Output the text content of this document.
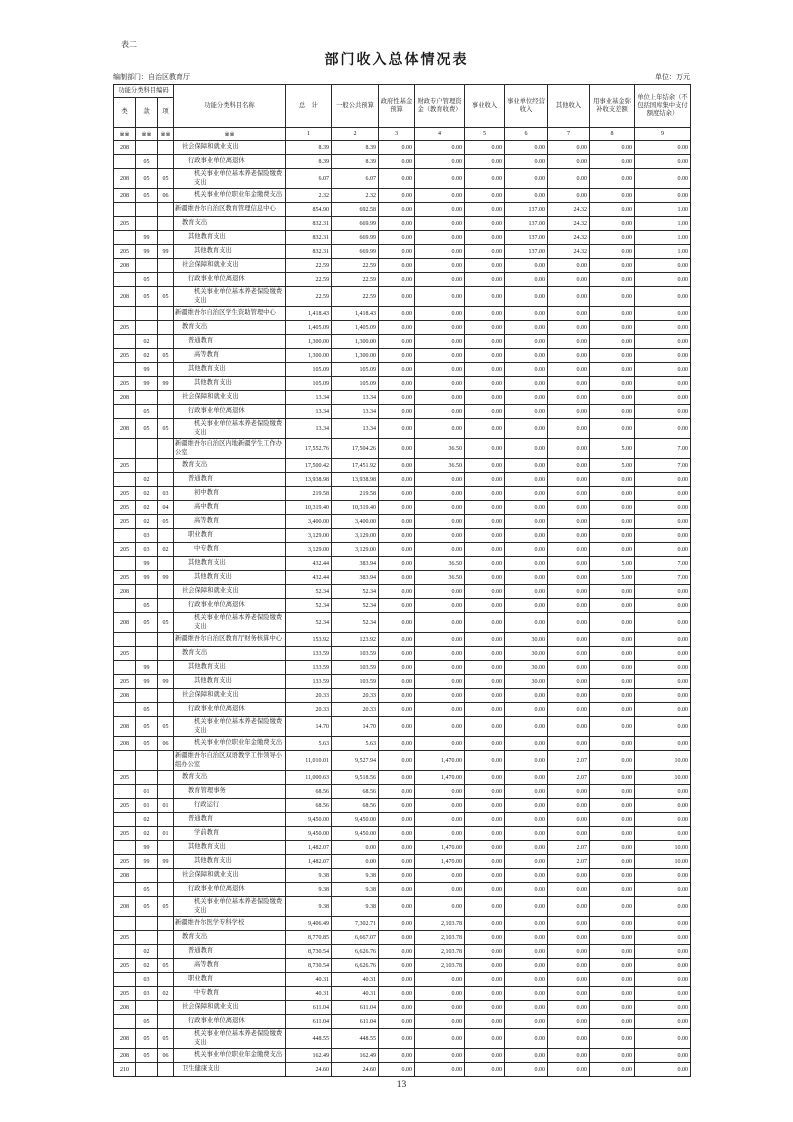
表二
部门收入总体情况表
编制部门：自治区教育厅	单位：万元
功能分类科目编码			功能分类科目名称	总　计	一般公共预算	政府性基金预算	财政专户管理资金（教育收费）	事业收入	事业单位经营收入	其他收入	用事业基金弥补收支差额	单位上年结余（不包括国库集中支付额度结余）
类	款	项										
※※	※※	※※	※※	1	2	3	4	5	6	7	8	9
208			社会保障和就业支出	8.39	8.39	0.00	0.00	0.00	0.00	0.00	0.00	0.00
	05		行政事业单位离退休	8.39	8.39	0.00	0.00	0.00	0.00	0.00	0.00	0.00
208	05	05	机关事业单位基本养老保险缴费支出	6.07	6.07	0.00	0.00	0.00	0.00	0.00	0.00	0.00
208	05	06	机关事业单位职业年金缴费支出	2.32	2.32	0.00	0.00	0.00	0.00	0.00	0.00	0.00
			新疆维吾尔自治区教育管理信息中心	854.90	692.58	0.00	0.00	0.00	137.00	24.32	0.00	1.00
205			教育支出	832.31	669.99	0.00	0.00	0.00	137.00	24.32	0.00	1.00
	99		其他教育支出	832.31	669.99	0.00	0.00	0.00	137.00	24.32	0.00	1.00
205	99	99	其他教育支出	832.31	669.99	0.00	0.00	0.00	137.00	24.32	0.00	1.00
208			社会保障和就业支出	22.59	22.59	0.00	0.00	0.00	0.00	0.00	0.00	0.00
	05		行政事业单位离退休	22.59	22.59	0.00	0.00	0.00	0.00	0.00	0.00	0.00
208	05	05	机关事业单位基本养老保险缴费支出	22.59	22.59	0.00	0.00	0.00	0.00	0.00	0.00	0.00
			新疆维吾尔自治区学生资助管理中心	1,418.43	1,418.43	0.00	0.00	0.00	0.00	0.00	0.00	0.00
205			教育支出	1,405.09	1,405.09	0.00	0.00	0.00	0.00	0.00	0.00	0.00
	02		普通教育	1,300.00	1,300.00	0.00	0.00	0.00	0.00	0.00	0.00	0.00
205	02	05	高等教育	1,300.00	1,300.00	0.00	0.00	0.00	0.00	0.00	0.00	0.00
	99		其他教育支出	105.09	105.09	0.00	0.00	0.00	0.00	0.00	0.00	0.00
205	99	99	其他教育支出	105.09	105.09	0.00	0.00	0.00	0.00	0.00	0.00	0.00
208			社会保障和就业支出	13.34	13.34	0.00	0.00	0.00	0.00	0.00	0.00	0.00
	05		行政事业单位离退休	13.34	13.34	0.00	0.00	0.00	0.00	0.00	0.00	0.00
208	05	05	机关事业单位基本养老保险缴费支出	13.34	13.34	0.00	0.00	0.00	0.00	0.00	0.00	0.00
			新疆维吾尔自治区内地新疆学生工作办公室	17,552.76	17,504.26	0.00	36.50	0.00	0.00	0.00	5.00	7.00
205			教育支出	17,500.42	17,451.92	0.00	36.50	0.00	0.00	0.00	5.00	7.00
	02		普通教育	13,938.98	13,938.98	0.00	0.00	0.00	0.00	0.00	0.00	0.00
205	02	03	初中教育	219.58	219.58	0.00	0.00	0.00	0.00	0.00	0.00	0.00
205	02	04	高中教育	10,319.40	10,319.40	0.00	0.00	0.00	0.00	0.00	0.00	0.00
205	02	05	高等教育	3,400.00	3,400.00	0.00	0.00	0.00	0.00	0.00	0.00	0.00
	03		职业教育	3,129.00	3,129.00	0.00	0.00	0.00	0.00	0.00	0.00	0.00
205	03	02	中专教育	3,129.00	3,129.00	0.00	0.00	0.00	0.00	0.00	0.00	0.00
	99		其他教育支出	432.44	383.94	0.00	36.50	0.00	0.00	0.00	5.00	7.00
205	99	99	其他教育支出	432.44	383.94	0.00	36.50	0.00	0.00	0.00	5.00	7.00
208			社会保障和就业支出	52.34	52.34	0.00	0.00	0.00	0.00	0.00	0.00	0.00
	05		行政事业单位离退休	52.34	52.34	0.00	0.00	0.00	0.00	0.00	0.00	0.00
208	05	05	机关事业单位基本养老保险缴费支出	52.34	52.34	0.00	0.00	0.00	0.00	0.00	0.00	0.00
			新疆维吾尔自治区教育厅财务核算中心	153.92	123.92	0.00	0.00	0.00	30.00	0.00	0.00	0.00
205			教育支出	133.59	103.59	0.00	0.00	0.00	30.00	0.00	0.00	0.00
	99		其他教育支出	133.59	103.59	0.00	0.00	0.00	30.00	0.00	0.00	0.00
205	99	99	其他教育支出	133.59	103.59	0.00	0.00	0.00	30.00	0.00	0.00	0.00
208			社会保障和就业支出	20.33	20.33	0.00	0.00	0.00	0.00	0.00	0.00	0.00
	05		行政事业单位离退休	20.33	20.33	0.00	0.00	0.00	0.00	0.00	0.00	0.00
208	05	05	机关事业单位基本养老保险缴费支出	14.70	14.70	0.00	0.00	0.00	0.00	0.00	0.00	0.00
208	05	06	机关事业单位职业年金缴费支出	5.63	5.63	0.00	0.00	0.00	0.00	0.00	0.00	0.00
			新疆维吾尔自治区双语教学工作领导小组办公室	11,010.01	9,527.94	0.00	1,470.00	0.00	0.00	2.07	0.00	10.00
205			教育支出	11,000.63	9,518.56	0.00	1,470.00	0.00	0.00	2.07	0.00	10.00
	01		教育管理事务	68.56	68.56	0.00	0.00	0.00	0.00	0.00	0.00	0.00
205	01	01	行政运行	68.56	68.56	0.00	0.00	0.00	0.00	0.00	0.00	0.00
	02		普通教育	9,450.00	9,450.00	0.00	0.00	0.00	0.00	0.00	0.00	0.00
205	02	01	学前教育	9,450.00	9,450.00	0.00	0.00	0.00	0.00	0.00	0.00	0.00
	99		其他教育支出	1,482.07	0.00	0.00	1,470.00	0.00	0.00	2.07	0.00	10.00
205	99	99	其他教育支出	1,482.07	0.00	0.00	1,470.00	0.00	0.00	2.07	0.00	10.00
208			社会保障和就业支出	9.38	9.38	0.00	0.00	0.00	0.00	0.00	0.00	0.00
	05		行政事业单位离退休	9.38	9.38	0.00	0.00	0.00	0.00	0.00	0.00	0.00
208	05	05	机关事业单位基本养老保险缴费支出	9.38	9.38	0.00	0.00	0.00	0.00	0.00	0.00	0.00
			新疆维吾尔医学专科学校	9,406.49	7,302.71	0.00	2,103.78	0.00	0.00	0.00	0.00	0.00
205			教育支出	8,770.85	6,667.07	0.00	2,103.78	0.00	0.00	0.00	0.00	0.00
	02		普通教育	8,730.54	6,626.76	0.00	2,103.78	0.00	0.00	0.00	0.00	0.00
205	02	05	高等教育	8,730.54	6,626.76	0.00	2,103.78	0.00	0.00	0.00	0.00	0.00
	03		职业教育	40.31	40.31	0.00	0.00	0.00	0.00	0.00	0.00	0.00
205	03	02	中专教育	40.31	40.31	0.00	0.00	0.00	0.00	0.00	0.00	0.00
208			社会保障和就业支出	611.04	611.04	0.00	0.00	0.00	0.00	0.00	0.00	0.00
	05		行政事业单位离退休	611.04	611.04	0.00	0.00	0.00	0.00	0.00	0.00	0.00
208	05	05	机关事业单位基本养老保险缴费支出	448.55	448.55	0.00	0.00	0.00	0.00	0.00	0.00	0.00
208	05	06	机关事业单位职业年金缴费支出	162.49	162.49	0.00	0.00	0.00	0.00	0.00	0.00	0.00
210			卫生健康支出	24.60	24.60	0.00	0.00	0.00	0.00	0.00	0.00	0.00
13
